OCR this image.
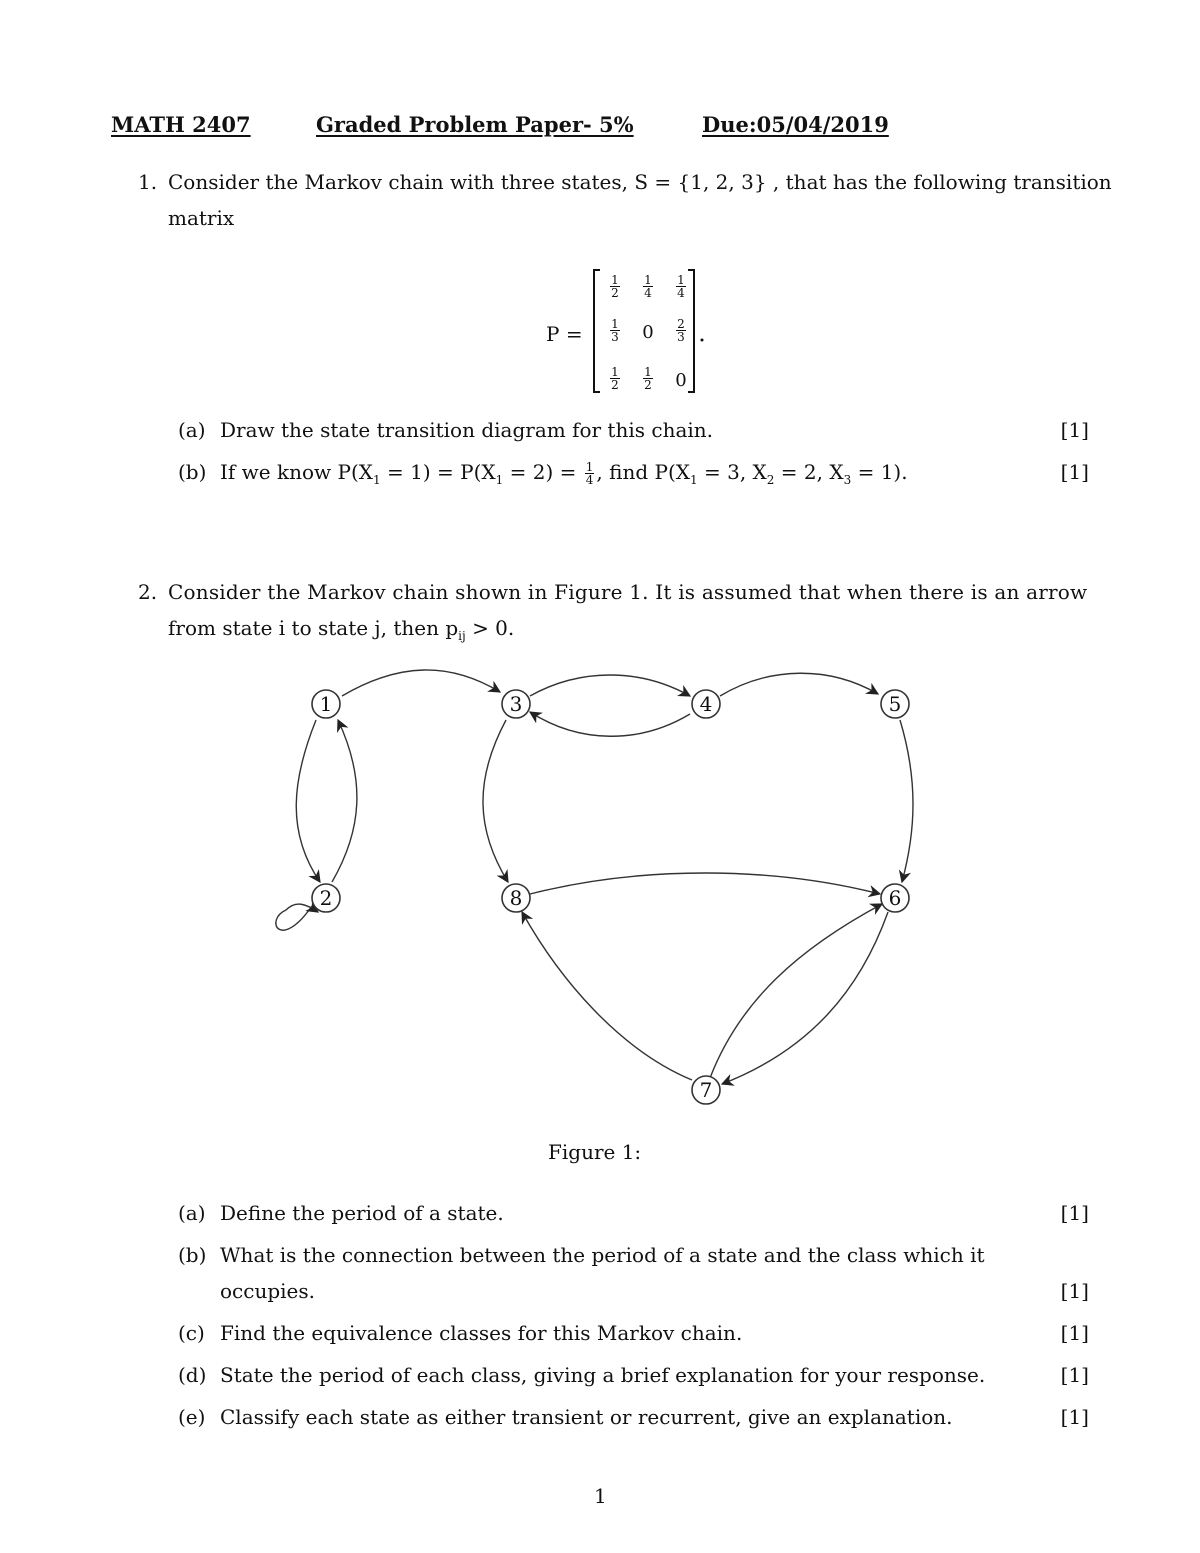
MATH 2407	Graded Problem Paper- 5%	Due:05/04/2019
1. Consider the Markov chain with three states, S = {1, 2, 3} , that has the following transition
matrix
P =
$\frac{1}{2} \frac{1}{4} \frac{1}{4}$
$\frac{1}{3}$	0	$\frac{2}{3}$
$\frac{1}{2} \frac{1}{2}$	0
(a) Draw the state transition diagram for this chain.	[1]
(b) If we know $P(X_1 = 1) = P(X_1 = 2) = \frac{1}{4}$ , find $P(X_1 = 3$, $X_2 = 2$, $X_3 = 1$).	[1]
2. Consider the Markov chain shown in Figure 1. It is assumed that when there is an arrow
from state i to state j, then $p_{ij} > 0$.
1
2
3	4	5
6
7
8
Figure 1:
(a) Define the period of a state.	[1]
(b) What is the connection between the period of a state and the class which it
occupies.	[1]
(c) Find the equivalence classes for this Markov chain.	[1]
(d) State the period of each class, giving a brief explanation for your response.	[1]
(e) Classify each state as either transient or recurrent, give an explanation.	[1]
1
